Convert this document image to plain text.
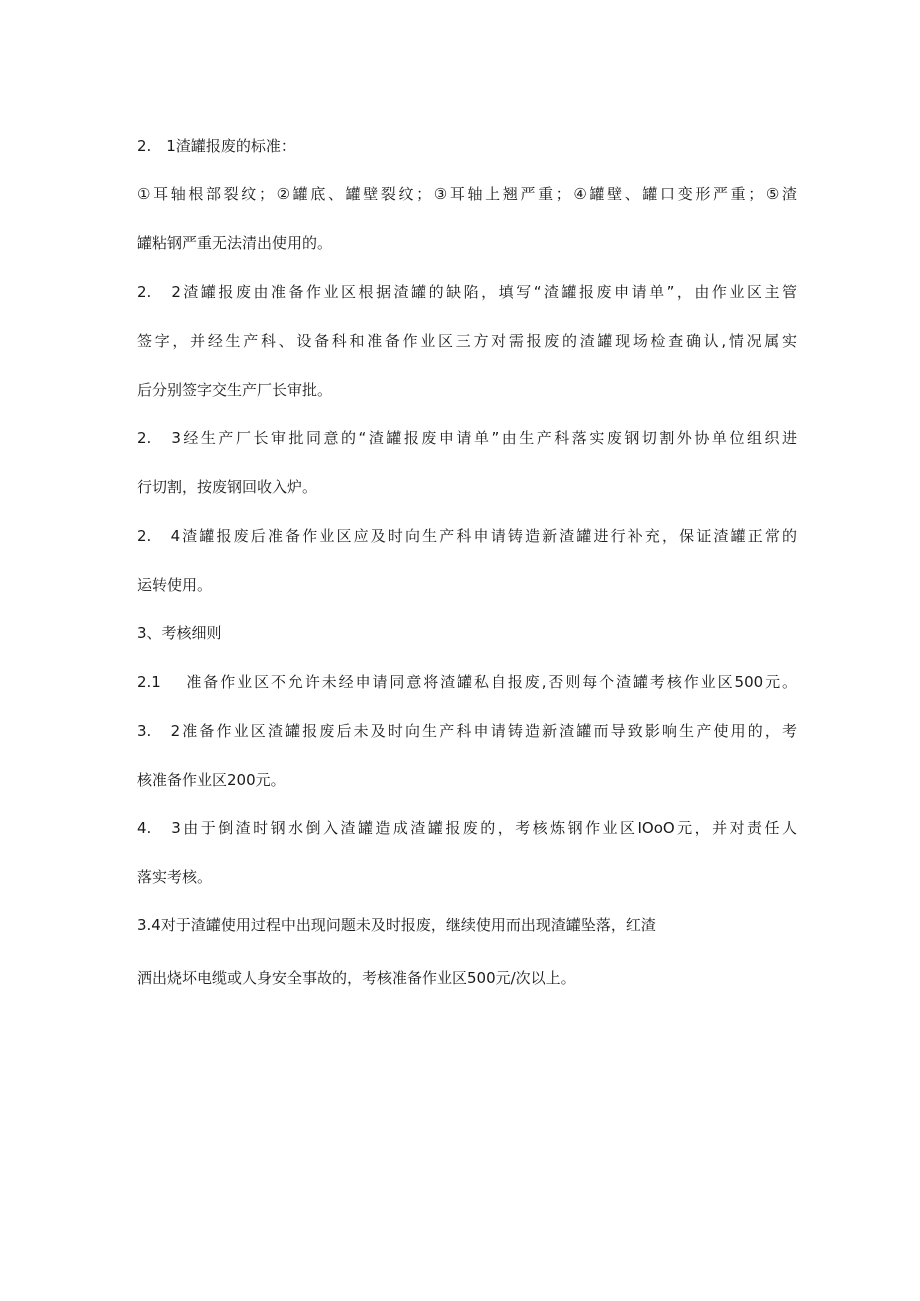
2.　1渣罐报废的标准：

①耳轴根部裂纹；②罐底、罐壁裂纹；③耳轴上翘严重；④罐壁、罐口变形严重；⑤渣

罐粘钢严重无法清出使用的。

2.　2渣罐报废由准备作业区根据渣罐的缺陷，填写“渣罐报废申请单”，由作业区主管

签字，并经生产科、设备科和准备作业区三方对需报废的渣罐现场检查确认,情况属实

后分别签字交生产厂长审批。

2.　3经生产厂长审批同意的“渣罐报废申请单”由生产科落实废钢切割外协单位组织进

行切割，按废钢回收入炉。

2.　4渣罐报废后准备作业区应及时向生产科申请铸造新渣罐进行补充，保证渣罐正常的

运转使用。

3、考核细则

2.1　 准备作业区不允许未经申请同意将渣罐私自报废,否则每个渣罐考核作业区500元。

3.　2准备作业区渣罐报废后未及时向生产科申请铸造新渣罐而导致影响生产使用的，考

核准备作业区200元。

4.　3由于倒渣时钢水倒入渣罐造成渣罐报废的，考核炼钢作业区IOoO元，并对责任人

落实考核。

3.4对于渣罐使用过程中出现问题未及时报废，继续使用而出现渣罐坠落，红渣

洒出烧坏电缆或人身安全事故的，考核准备作业区500元/次以上。
